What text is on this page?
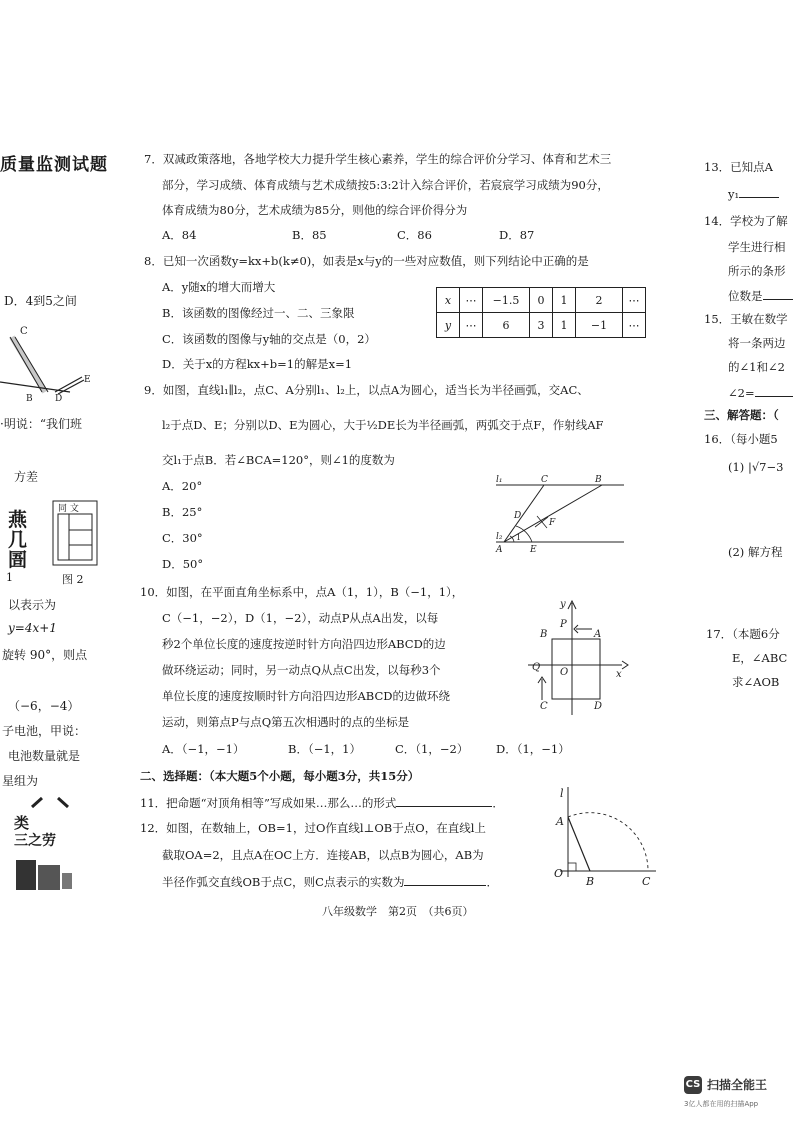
质量监测试题
D．4到5之间
C
B D
E
·明说：“我们班
方差
燕
几
圄
同 文
1	图 2
以表示为
y=4x+1
旋转 90°，则点
（−6，−4）
子电池，甲说：
电池数量就是
星组为
类
三之劳
7．双减政策落地，各地学校大力提升学生核心素养，学生的综合评价分学习、体育和艺术三
部分，学习成绩、体育成绩与艺术成绩按5:3:2计入综合评价，若宸宸学习成绩为90分，
体育成绩为80分，艺术成绩为85分，则他的综合评价得分为
A．84	B．85	C．86	D．87
8．已知一次函数y=kx+b(k≠0)，如表是x与y的一些对应数值，则下列结论中正确的是
A．y随x的增大而增大
B．该函数的图像经过一、二、三象限
C．该函数的图像与y轴的交点是（0，2）
D．关于x的方程kx+b=1的解是x=1
x	⋯	−1.5	0	1	2	⋯
y	⋯	6	3	1	−1	⋯
9．如图，直线l₁∥l₂，点C、A分别l₁、l₂上，以点A为圆心，适当长为半径画弧，交AC、
l₂于点D、E；分别以D、E为圆心，大于½DE长为半径画弧，两弧交于点F，作射线AF
交l₁于点B．若∠BCA=120°，则∠1的度数为
A．20°
B．25°
C．30°
D．50°
l₁	C	B
D
F
l₂ 1
A	E
10．如图，在平面直角坐标系中，点A（1，1），B（−1，1），
C（−1，−2），D（1，−2），动点P从点A出发，以每
秒2个单位长度的速度按逆时针方向沿四边形ABCD的边
做环绕运动；同时，另一动点Q从点C出发，以每秒3个
单位长度的速度按顺时针方向沿四边形ABCD的边做环绕
运动，则第点P与点Q第五次相遇时的点的坐标是
A．（−1，−1）	B．（−1，1）	C．（1，−2） D．（1，−1）
y
P
B	A
Q O	x
C	D
二、选择题：（本大题5个小题，每小题3分，共15分）
11．把命题“对顶角相等”写成如果…那么…的形式	．
12．如图，在数轴上，OB=1，过O作直线l⊥OB于点O，在直线l上
截取OA=2，且点A在OC上方．连接AB，以点B为圆心，AB为
半径作弧交直线OB于点C，则C点表示的实数为	．
l
A
O
B	C
八年级数学　第2页　（共6页）
13．已知点A
y₁
14．学校为了解
学生进行相
所示的条形
位数是
15．王敏在数学
将一条两边
的∠1和∠2
∠2=
三、解答题：（
16．（每小题5
(1) |√7−3
(2) 解方程
17．（本题6分
E，∠ABC
求∠AOB
CS 扫描全能王
3亿人都在用的扫描App
